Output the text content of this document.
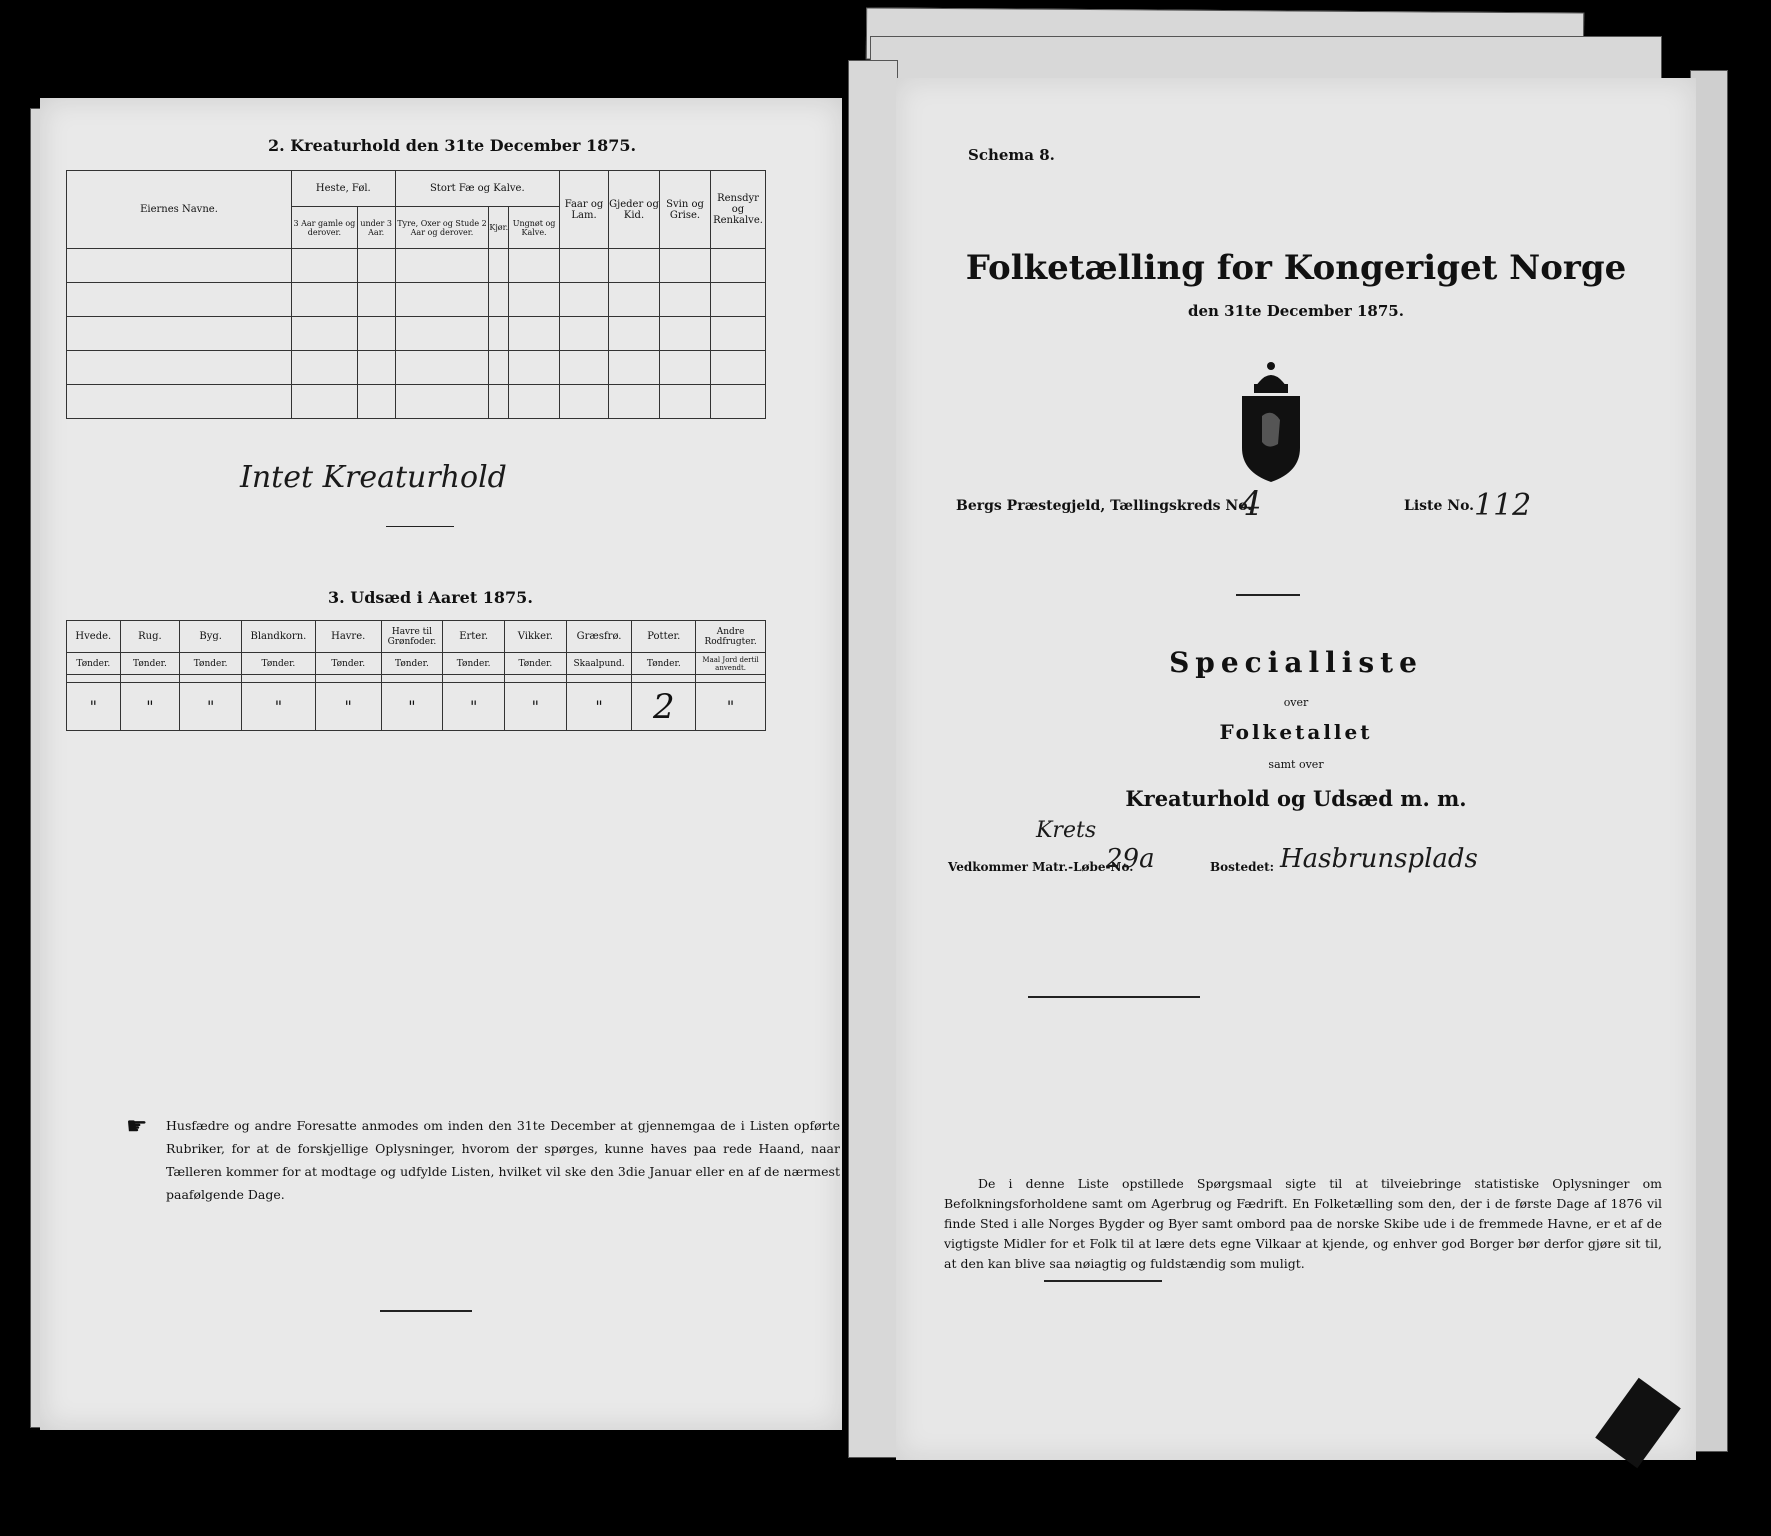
2. Kreaturhold den 31te December 1875.
Eiernes Navne.	Heste, Føl.		Stort Fæ og Kalve.			Faar og Lam.	Gjeder og Kid.	Svin og Grise.	Rensdyr og Renkalve.
	3 Aar gamle og derover.	under 3 Aar.	Tyre, Oxer og Stude 2 Aar og derover.	Kjør.	Ungnøt og Kalve.				

Intet Kreaturhold
3. Udsæd i Aaret 1875.
Hvede.	Rug.	Byg.	Blandkorn.	Havre.	Havre til Grønfoder.	Erter.	Vikker.	Græsfrø.	Potter.	Andre Rodfrugter.
Tønder.	Tønder.	Tønder.	Tønder.	Tønder.	Tønder.	Tønder.	Tønder.	Skaalpund.	Tønder.	Maal Jord dertil anvendt.

"	"	"	"	"	"	"	"	"	2	"
☛ Husfædre og andre Foresatte anmodes om inden den 31te December at gjennemgaa de i Listen opførte Rubriker, for at de forskjellige Oplysninger, hvorom der spørges, kunne haves paa rede Haand, naar Tælleren kommer for at modtage og udfylde Listen, hvilket vil ske den 3die Januar eller en af de nærmest paafølgende Dage.
Schema 8.
Folketælling for Kongeriget Norge
den 31te December 1875.
Bergs Præstegjeld, Tællingskreds No.
4	Liste No. 112
Specialliste
over
Folketallet
samt over
Kreaturhold og Udsæd m. m.
Krets
Vedkommer Matr.-Løbe-No.
29a	Bostedet: Hasbrunsplads
De i denne Liste opstillede Spørgsmaal sigte til at tilveiebringe statistiske Oplysninger om Befolkningsforholdene samt om Agerbrug og Fædrift. En Folketælling som den, der i de første Dage af 1876 vil finde Sted i alle Norges Bygder og Byer samt ombord paa de norske Skibe ude i de fremmede Havne, er et af de vigtigste Midler for et Folk til at lære dets egne Vilkaar at kjende, og enhver god Borger bør derfor gjøre sit til, at den kan blive saa nøiagtig og fuldstændig som muligt.
